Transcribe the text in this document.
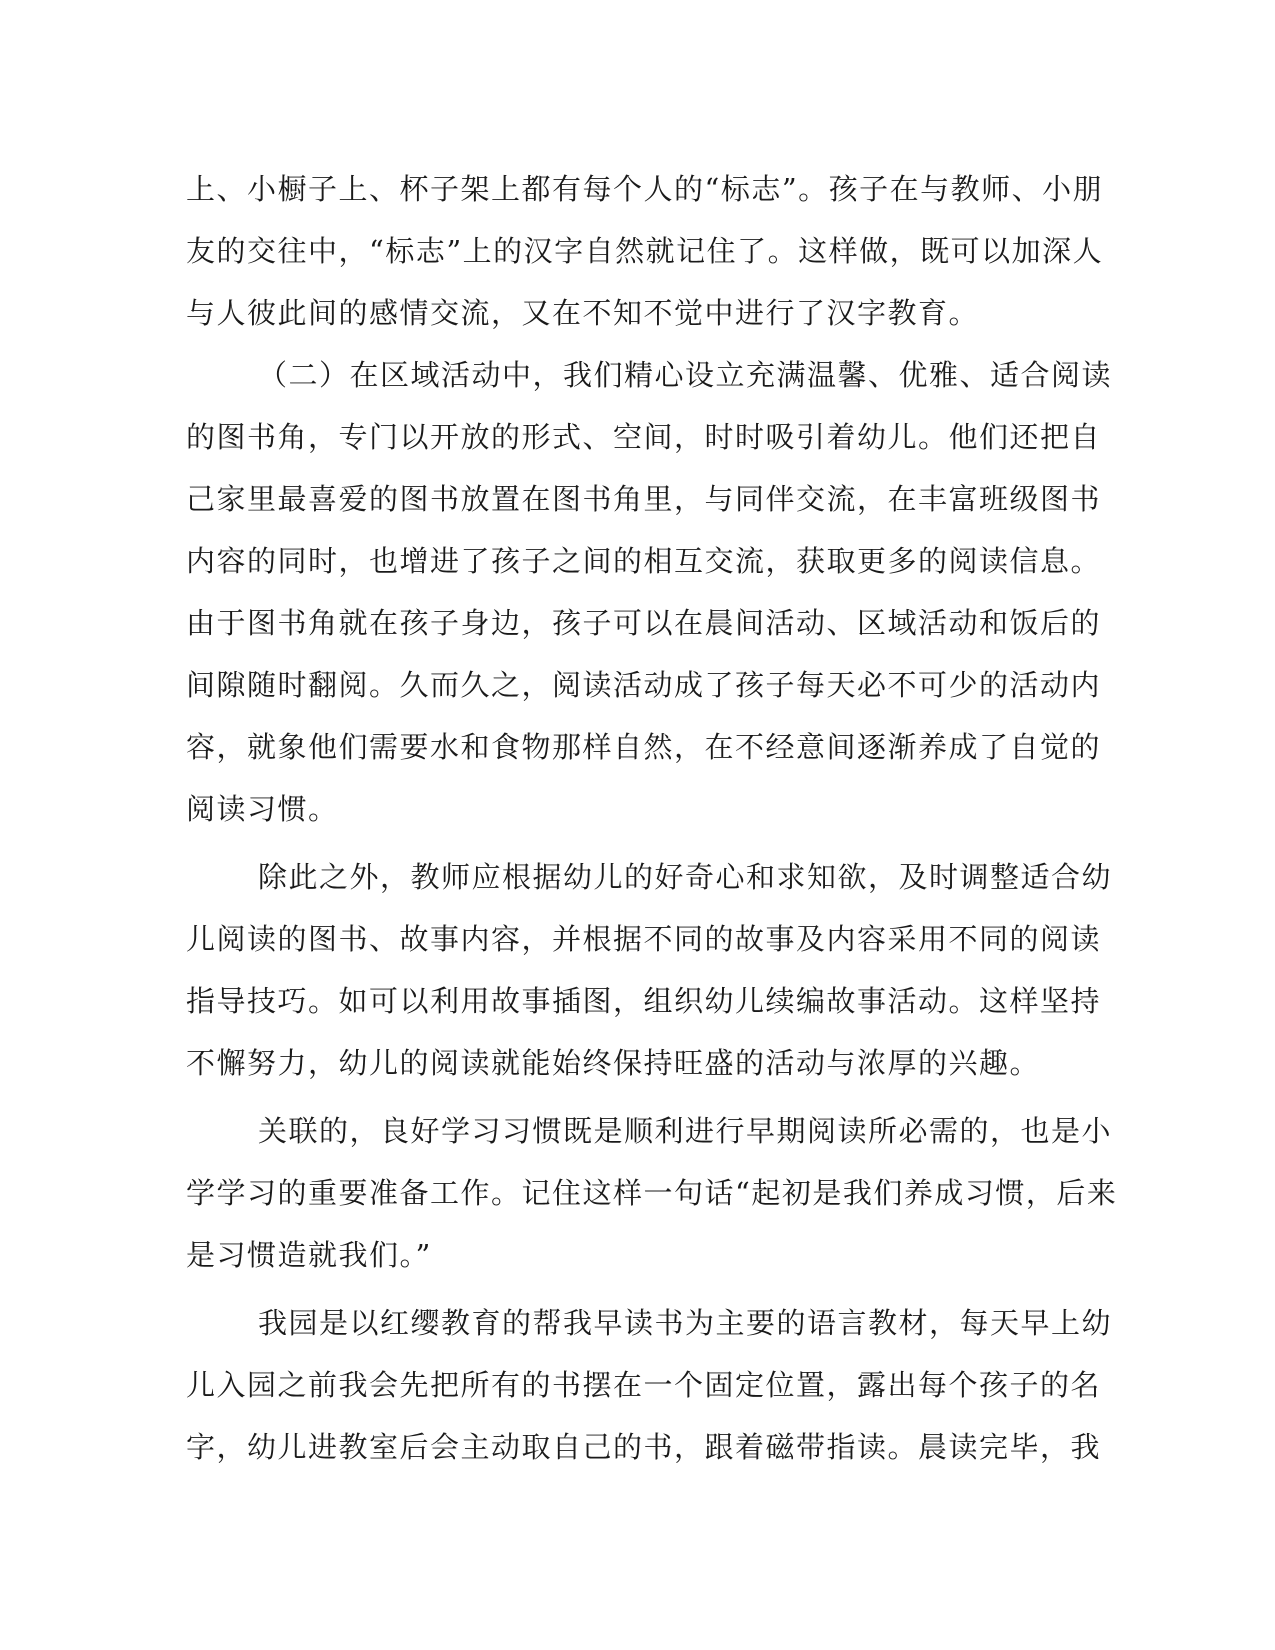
上、小橱子上、杯子架上都有每个人的“标志”。孩子在与教师、小朋
友的交往中，“标志”上的汉字自然就记住了。这样做，既可以加深人
与人彼此间的感情交流，又在不知不觉中进行了汉字教育。
（二）在区域活动中，我们精心设立充满温馨、优雅、适合阅读
的图书角，专门以开放的形式、空间，时时吸引着幼儿。他们还把自
己家里最喜爱的图书放置在图书角里，与同伴交流，在丰富班级图书
内容的同时，也增进了孩子之间的相互交流，获取更多的阅读信息。
由于图书角就在孩子身边，孩子可以在晨间活动、区域活动和饭后的
间隙随时翻阅。久而久之，阅读活动成了孩子每天必不可少的活动内
容，就象他们需要水和食物那样自然，在不经意间逐渐养成了自觉的
阅读习惯。
除此之外，教师应根据幼儿的好奇心和求知欲，及时调整适合幼
儿阅读的图书、故事内容，并根据不同的故事及内容采用不同的阅读
指导技巧。如可以利用故事插图，组织幼儿续编故事活动。这样坚持
不懈努力，幼儿的阅读就能始终保持旺盛的活动与浓厚的兴趣。
关联的，良好学习习惯既是顺利进行早期阅读所必需的，也是小
学学习的重要准备工作。记住这样一句话“起初是我们养成习惯，后来
是习惯造就我们。”
我园是以红缨教育的帮我早读书为主要的语言教材，每天早上幼
儿入园之前我会先把所有的书摆在一个固定位置，露出每个孩子的名
字，幼儿进教室后会主动取自己的书，跟着磁带指读。晨读完毕，我
